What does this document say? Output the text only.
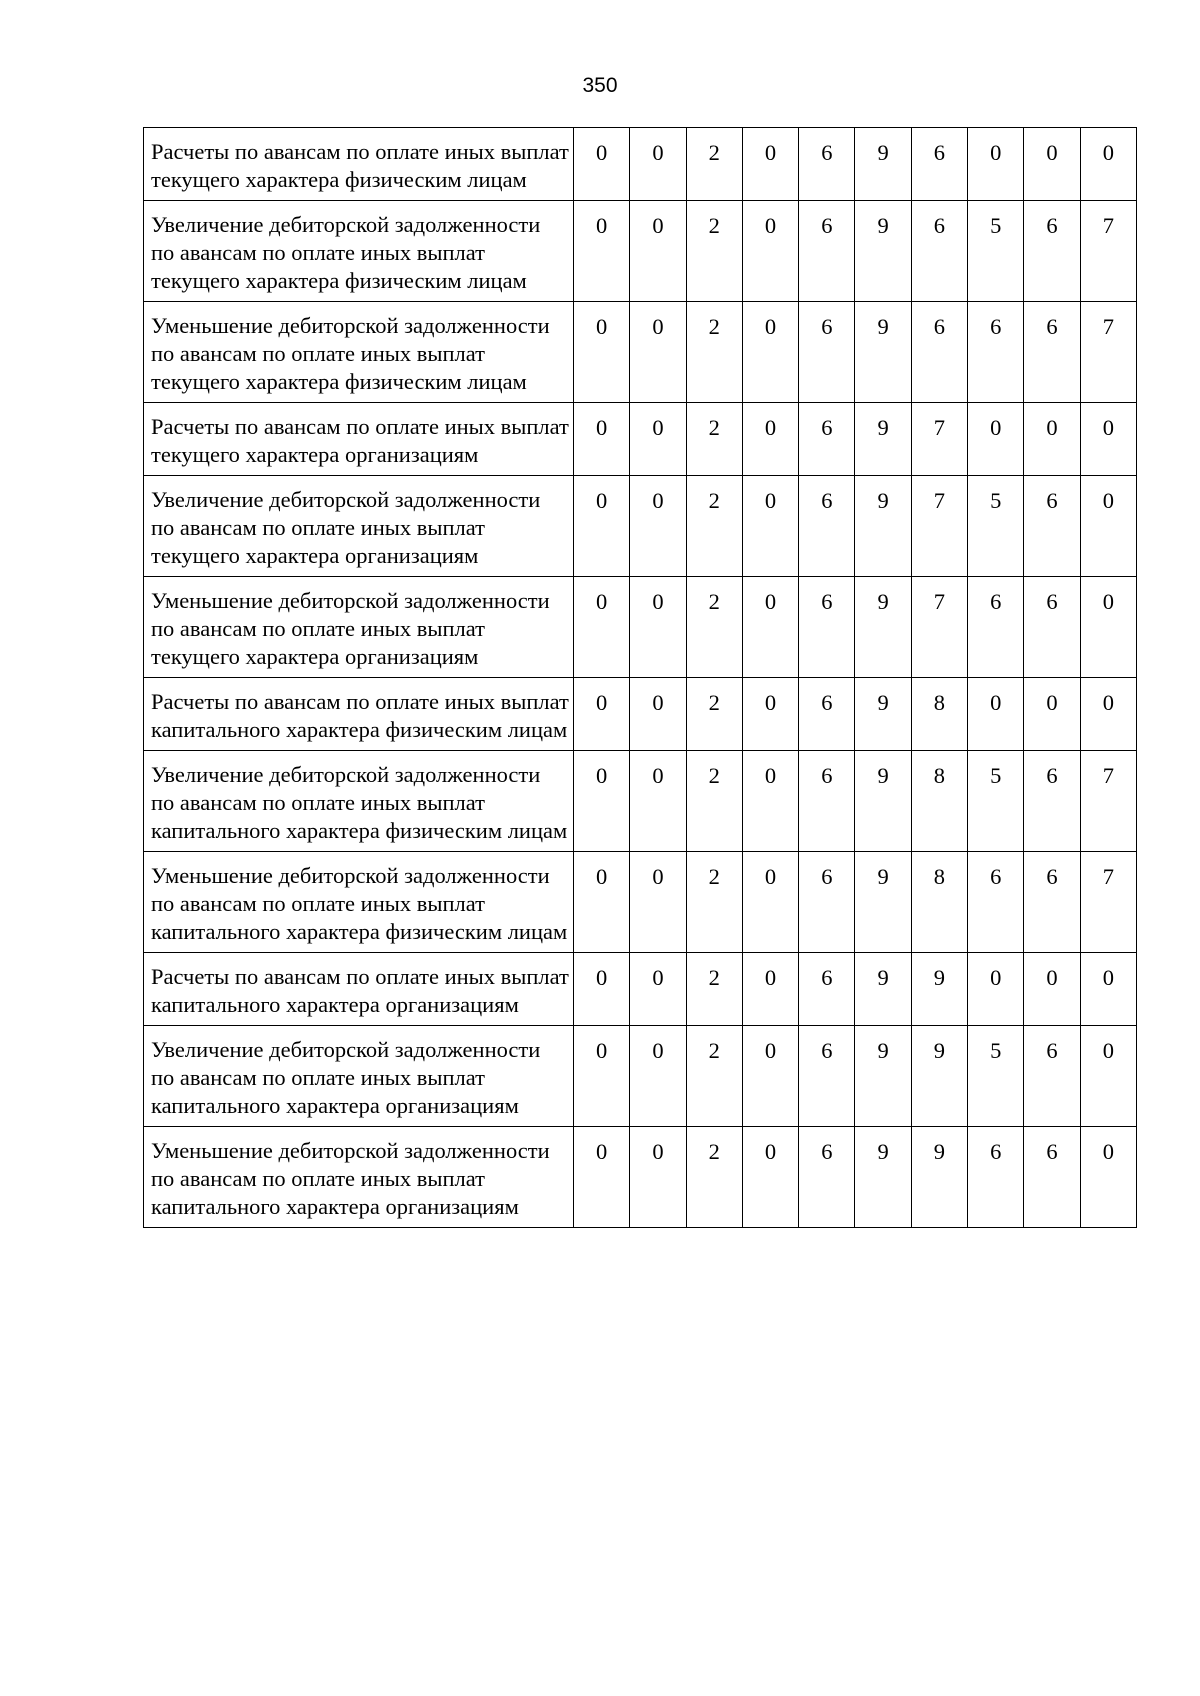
350
Расчеты по авансам по оплате иных выплат текущего характера физическим лицам	0	0	2	0	6	9	6	0	0	0
Увеличение дебиторской задолженности по авансам по оплате иных выплат текущего характера физическим лицам	0	0	2	0	6	9	6	5	6	7
Уменьшение дебиторской задолженности по авансам по оплате иных выплат текущего характера физическим лицам	0	0	2	0	6	9	6	6	6	7
Расчеты по авансам по оплате иных выплат текущего характера организациям	0	0	2	0	6	9	7	0	0	0
Увеличение дебиторской задолженности по авансам по оплате иных выплат текущего характера организациям	0	0	2	0	6	9	7	5	6	0
Уменьшение дебиторской задолженности по авансам по оплате иных выплат текущего характера организациям	0	0	2	0	6	9	7	6	6	0
Расчеты по авансам по оплате иных выплат капитального характера физическим лицам	0	0	2	0	6	9	8	0	0	0
Увеличение дебиторской задолженности по авансам по оплате иных выплат капитального характера физическим лицам	0	0	2	0	6	9	8	5	6	7
Уменьшение дебиторской задолженности по авансам по оплате иных выплат капитального характера физическим лицам	0	0	2	0	6	9	8	6	6	7
Расчеты по авансам по оплате иных выплат капитального характера организациям	0	0	2	0	6	9	9	0	0	0
Увеличение дебиторской задолженности по авансам по оплате иных выплат капитального характера организациям	0	0	2	0	6	9	9	5	6	0
Уменьшение дебиторской задолженности по авансам по оплате иных выплат капитального характера организациям	0	0	2	0	6	9	9	6	6	0
